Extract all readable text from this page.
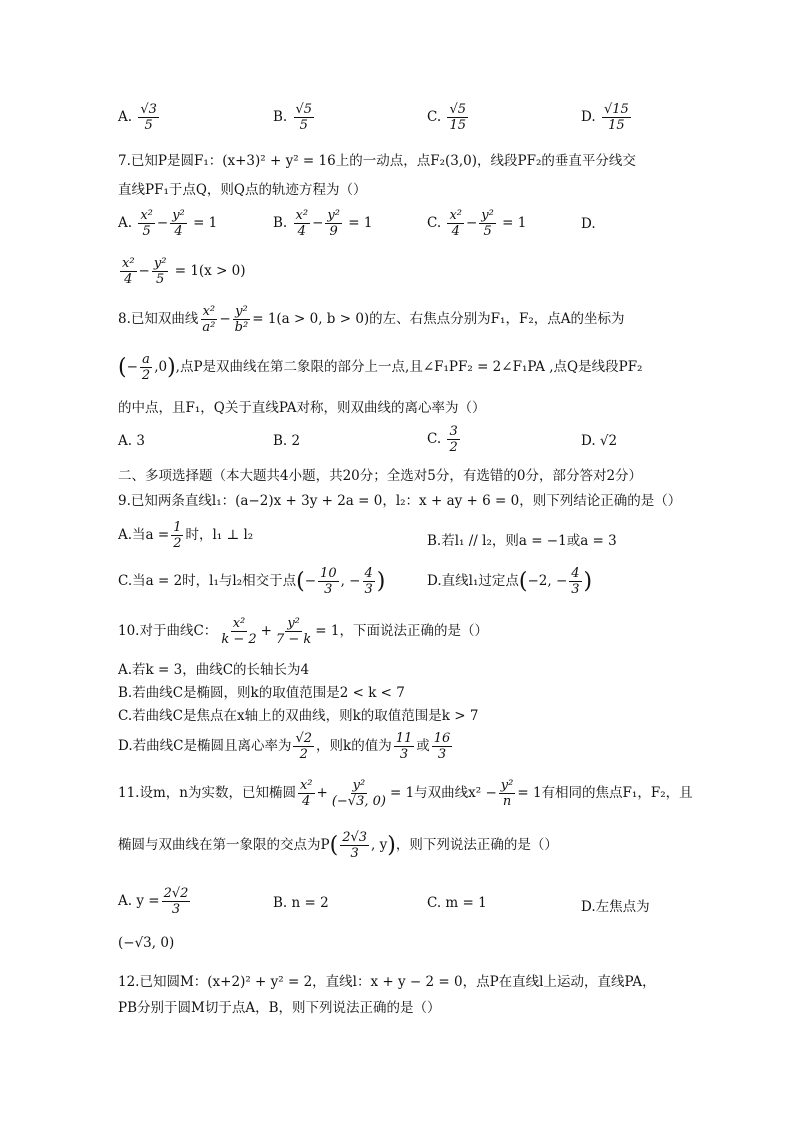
A. $\frac{√3}{5}$	B. $\frac{√5}{5}$	C. $\frac{√5}{15}$	D. $\frac{√15}{15}$
7.已知P是圆F₁：(x+3)² + y² = 16上的一动点，点F₂(3,0)，线段PF₂的垂直平分线交
直线PF₁于点Q，则Q点的轨迹方程为（）
A. $\frac{\text{x²}}{5} - \frac{\text{y²}}{4} = 1$	B. $\frac{\text{x²}}{4} - \frac{\text{y²}}{9} = 1$	C. $\frac{\text{x²}}{4} - \frac{\text{y²}}{5} = 1$	D.
$\frac{\text{x²}}{4} - \frac{\text{y²}}{5} = 1(x > 0)$
8.已知双曲线 $\frac{\text{x²}}{\text{a²}} - \frac{\text{y²}}{\text{b²}} = 1(a > 0$, b > 0)的左、右焦点分别为F₁，F₂，点A的坐标为
(− $\frac{a}{2} ,0$),点P是双曲线在第二象限的部分上一点,且∠F₁PF₂ = 2∠F₁PA ,点Q是线段PF₂
的中点，且F₁，Q关于直线PA对称，则双曲线的离心率为（）
A. 3	B. 2	C. $\frac{3}{2}$	D. √2
二、多项选择题（本大题共4小题，共20分；全选对5分，有选错的0分，部分答对2分）
9.已知两条直线l₁：(a−2)x + 3y + 2a = 0，l₂：x + ay + 6 = 0，则下列结论正确的是（）
A.当$a = \frac{1}{2}$ 时，l₁ ⊥ l₂	B.若l₁ // l₂，则a = −1或a = 3
C.当a = 2时，l₁与l₂相交于点(− $\frac{10}{3}$ , − $\frac{4}{3}$ )	D.直线l₁过定点(−2, − $\frac{4}{3}$ )
10.对于曲线C： $\frac{\text{x²}}{k - 2} + \frac{\text{y²}}{7 - k} = 1$，下面说法正确的是（）
A.若k = 3，曲线C的长轴长为4
B.若曲线C是椭圆，则k的取值范围是2 < k < 7
C.若曲线C是焦点在x轴上的双曲线，则k的取值范围是k > 7
D.若曲线C是椭圆且离心率为 $\frac{√2}{2}$ ，则k的值为 $\frac{11}{3}$ 或 $\frac{16}{3}$
11.设m，n为实数，已知椭圆 $\frac{\text{x²}}{4} + \frac{\text{y²}}{(-√3, 0)} = 1$与双曲线$x^2 - \frac{\text{y²}}{n} = 1$有相同的焦点F₁，F₂，且
椭圆与双曲线在第一象限的交点为$P( \frac{2√3}{3}$ , y)，则下列说法正确的是（）
A. $y = \frac{2√2}{3}$	B. n = 2	C. m = 1	D.左焦点为
(−√3, 0)
12.已知圆M：(x+2)² + y² = 2，直线l：x + y − 2 = 0，点P在直线l上运动，直线PA，
PB分别于圆M切于点A，B，则下列说法正确的是（）
